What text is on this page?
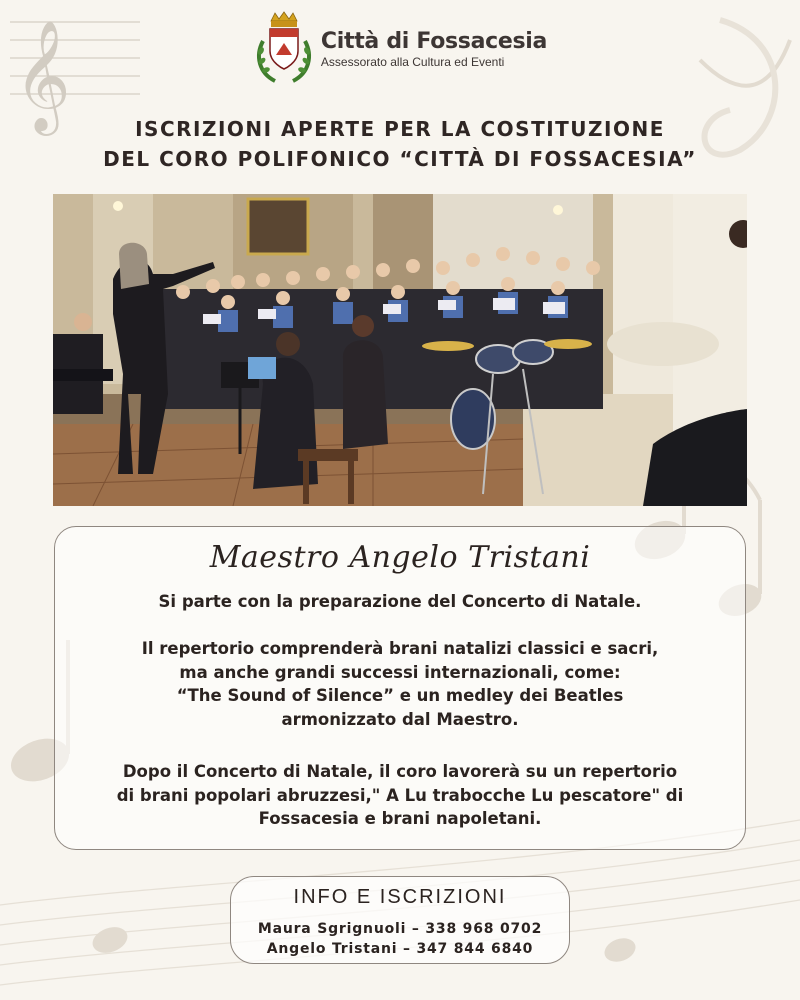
𝄞	Città di Fossacesia
Assessorato alla Cultura ed Eventi
ISCRIZIONI APERTE PER LA COSTITUZIONE
DEL CORO POLIFONICO “CITTÀ DI FOSSACESIA”
Maestro Angelo Tristani
Si parte con la preparazione del Concerto di Natale.
Il repertorio comprenderà brani natalizi classici e sacri,
ma anche grandi successi internazionali, come:
“The Sound of Silence” e un medley dei Beatles
armonizzato dal Maestro.
Dopo il Concerto di Natale, il coro lavorerà su un repertorio
di brani popolari abruzzesi," A Lu trabocche Lu pescatore" di
Fossacesia e brani napoletani.
INFO E ISCRIZIONI
Maura Sgrignuoli – 338 968 0702
Angelo Tristani – 347 844 6840
